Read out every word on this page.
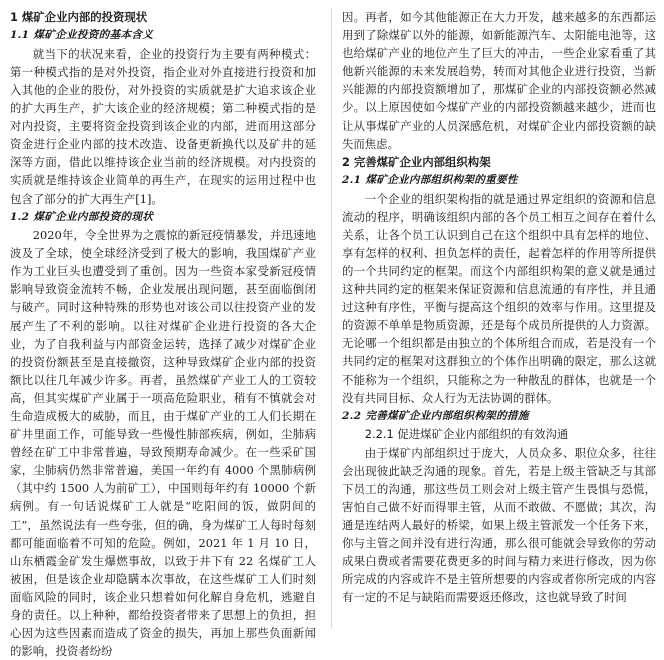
1 煤矿企业内部的投资现状
1.1 煤矿企业投资的基本含义

就当下的状况来看，企业的投资行为主要有两种模式：第一种模式指的是对外投资，指企业对外直接进行投资和加入其他的企业的股份，对外投资的实质就是扩大追求该企业的扩大再生产，扩大该企业的经济规模；第二种模式指的是对内投资，主要将资金投资到该企业的内部，进而用这部分资金进行企业内部的技术改造、设备更新换代以及矿井的延深等方面，借此以维持该企业当前的经济规模。对内投资的实质就是维持该企业简单的再生产，在现实的运用过程中也包含了部分的扩大再生产[1]。

1.2 煤矿企业内部投资的现状

2020年，令全世界为之震惊的新冠疫情暴发，并迅速地波及了全球，使全球经济受到了极大的影响，我国煤矿产业作为工业巨头也遭受到了重创。因为一些资本家受新冠疫情影响导致资金流转不畅，企业发展出现问题，甚至面临倒闭与破产。同时这种特殊的形势也对该公司以往投资产业的发展产生了不利的影响。以往对煤矿企业进行投资的各大企业，为了自我利益与内部资金运转，选择了减少对煤矿企业的投资份额甚至是直接撤资，这种导致煤矿企业内部的投资额比以往几年减少许多。再者，虽然煤矿产业工人的工资较高，但其实煤矿产业属于一项高危险职业，稍有不慎就会对生命造成极大的威胁，而且，由于煤矿产业的工人们长期在矿井里面工作，可能导致一些慢性肺部疾病，例如，尘肺病曾经在矿工中非常普遍，导致预期寿命减少。在一些采矿国家，尘肺病仍然非常普遍，美国一年约有 4000 个黑肺病例（其中约 1500 人为前矿工），中国则每年约有 10000 个新病例。有一句话说煤矿工人就是“吃阳间的饭，做阴间的工”，虽然说法有一些夸张，但的确，身为煤矿工人每时每刻都可能面临着不可知的危险。例如，2021 年 1 月 10 日，山东栖霞金矿发生爆燃事故，以致于井下有 22 名煤矿工人被困，但是该企业却隐瞒本次事故，在这些煤矿工人们时刻面临风险的同时，该企业只想着如何化解自身危机，逃避自身的责任。以上种种，都给投资者带来了思想上的负担，担心因为这些因素而造成了资金的损失，再加上那些负面新闻的影响，投资者纷纷

因。再者，如今其他能源正在大力开发，越来越多的东西都运用到了除煤矿以外的能源，如新能源汽车、太阳能电池等，这也给煤矿产业的地位产生了巨大的冲击，一些企业家看重了其他新兴能源的未来发展趋势，转而对其他企业进行投资，当新兴能源的内部投资额增加了，那煤矿企业的内部投资额必然减少。以上原因使如今煤矿产业的内部投资额越来越少，进而也让从事煤矿产业的人员深感危机，对煤矿企业内部投资额的缺失而焦虑。

2 完善煤矿企业内部组织构架
2.1 煤矿企业内部组织构架的重要性

一个企业的组织架构指的就是通过界定组织的资源和信息流动的程序，明确该组织内部的各个员工相互之间存在着什么关系，让各个员工认识到自己在这个组织中具有怎样的地位、享有怎样的权利、担负怎样的责任，起着怎样的作用等所提供的一个共同约定的框架。而这个内部组织构架的意义就是通过这种共同约定的框架来保证资源和信息流通的有序性，并且通过这种有序性，平衡与提高这个组织的效率与作用。这里提及的资源不单单是物质资源，还是每个成员所提供的人力资源。无论哪一个组织都是由独立的个体所组合而成，若是没有一个共同约定的框架对这群独立的个体作出明确的限定，那么这就不能称为一个组织，只能称之为一种散乱的群体，也就是一个没有共同目标、众人行为无法协调的群体。

2.2 完善煤矿企业内部组织构架的措施
2.2.1 促进煤矿企业内部组织的有效沟通

由于煤矿内部组织过于庞大，人员众多、职位众多，往往会出现彼此缺乏沟通的现象。首先，若是上级主管缺乏与其部下员工的沟通，那这些员工则会对上级主管产生畏惧与恐慌，害怕自己做不好而得罪主管，从而不敢做、不愿做；其次，沟通是连结两人最好的桥梁，如果上级主管派发一个任务下来，你与主管之间并没有进行沟通，那么很可能就会导致你的劳动成果白费或者需要花费更多的时间与精力来进行修改，因为你所完成的内容或许不是主管所想要的内容或者你所完成的内容有一定的不足与缺陷而需要返还修改，这也就导致了时间
